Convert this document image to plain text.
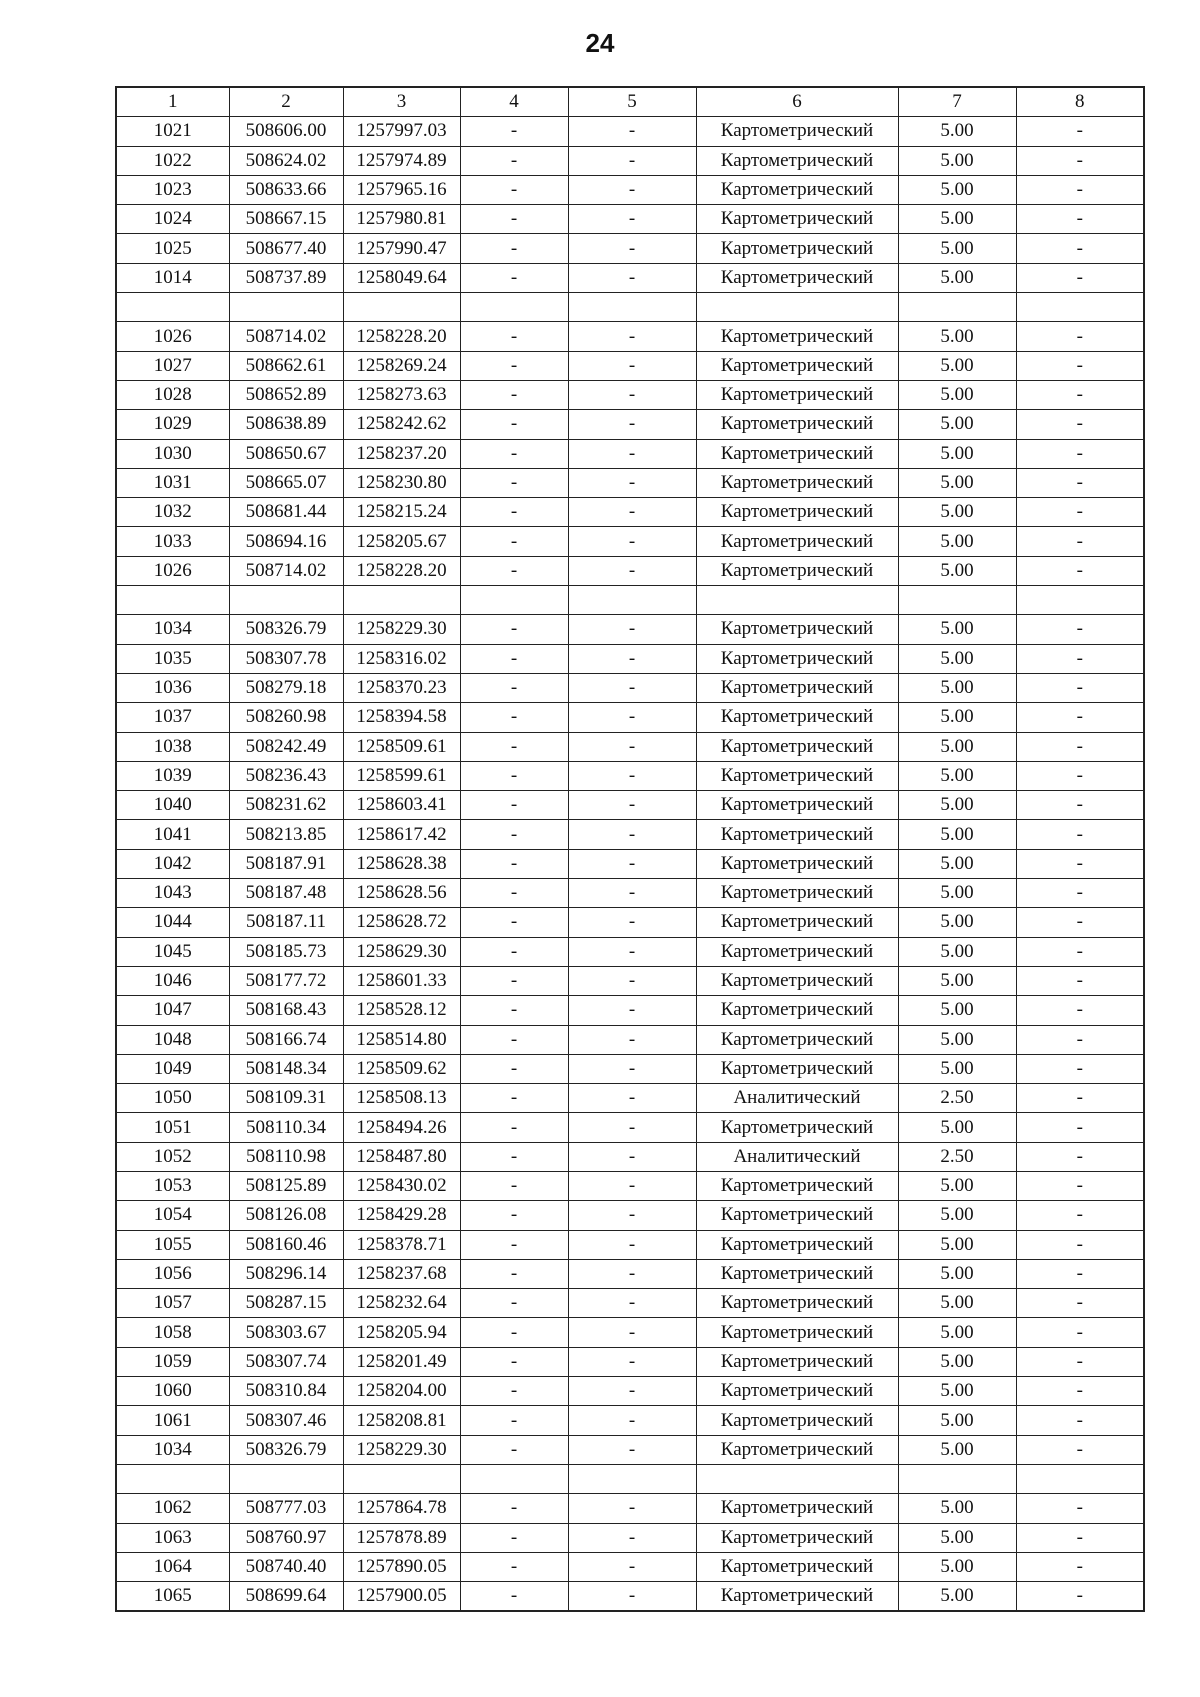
24
1	2	3	4	5	6	7	8
1021	508606.00	1257997.03	-	-	Картометрический	5.00	-
1022	508624.02	1257974.89	-	-	Картометрический	5.00	-
1023	508633.66	1257965.16	-	-	Картометрический	5.00	-
1024	508667.15	1257980.81	-	-	Картометрический	5.00	-
1025	508677.40	1257990.47	-	-	Картометрический	5.00	-
1014	508737.89	1258049.64	-	-	Картометрический	5.00	-

1026	508714.02	1258228.20	-	-	Картометрический	5.00	-
1027	508662.61	1258269.24	-	-	Картометрический	5.00	-
1028	508652.89	1258273.63	-	-	Картометрический	5.00	-
1029	508638.89	1258242.62	-	-	Картометрический	5.00	-
1030	508650.67	1258237.20	-	-	Картометрический	5.00	-
1031	508665.07	1258230.80	-	-	Картометрический	5.00	-
1032	508681.44	1258215.24	-	-	Картометрический	5.00	-
1033	508694.16	1258205.67	-	-	Картометрический	5.00	-
1026	508714.02	1258228.20	-	-	Картометрический	5.00	-

1034	508326.79	1258229.30	-	-	Картометрический	5.00	-
1035	508307.78	1258316.02	-	-	Картометрический	5.00	-
1036	508279.18	1258370.23	-	-	Картометрический	5.00	-
1037	508260.98	1258394.58	-	-	Картометрический	5.00	-
1038	508242.49	1258509.61	-	-	Картометрический	5.00	-
1039	508236.43	1258599.61	-	-	Картометрический	5.00	-
1040	508231.62	1258603.41	-	-	Картометрический	5.00	-
1041	508213.85	1258617.42	-	-	Картометрический	5.00	-
1042	508187.91	1258628.38	-	-	Картометрический	5.00	-
1043	508187.48	1258628.56	-	-	Картометрический	5.00	-
1044	508187.11	1258628.72	-	-	Картометрический	5.00	-
1045	508185.73	1258629.30	-	-	Картометрический	5.00	-
1046	508177.72	1258601.33	-	-	Картометрический	5.00	-
1047	508168.43	1258528.12	-	-	Картометрический	5.00	-
1048	508166.74	1258514.80	-	-	Картометрический	5.00	-
1049	508148.34	1258509.62	-	-	Картометрический	5.00	-
1050	508109.31	1258508.13	-	-	Аналитический	2.50	-
1051	508110.34	1258494.26	-	-	Картометрический	5.00	-
1052	508110.98	1258487.80	-	-	Аналитический	2.50	-
1053	508125.89	1258430.02	-	-	Картометрический	5.00	-
1054	508126.08	1258429.28	-	-	Картометрический	5.00	-
1055	508160.46	1258378.71	-	-	Картометрический	5.00	-
1056	508296.14	1258237.68	-	-	Картометрический	5.00	-
1057	508287.15	1258232.64	-	-	Картометрический	5.00	-
1058	508303.67	1258205.94	-	-	Картометрический	5.00	-
1059	508307.74	1258201.49	-	-	Картометрический	5.00	-
1060	508310.84	1258204.00	-	-	Картометрический	5.00	-
1061	508307.46	1258208.81	-	-	Картометрический	5.00	-
1034	508326.79	1258229.30	-	-	Картометрический	5.00	-

1062	508777.03	1257864.78	-	-	Картометрический	5.00	-
1063	508760.97	1257878.89	-	-	Картометрический	5.00	-
1064	508740.40	1257890.05	-	-	Картометрический	5.00	-
1065	508699.64	1257900.05	-	-	Картометрический	5.00	-
